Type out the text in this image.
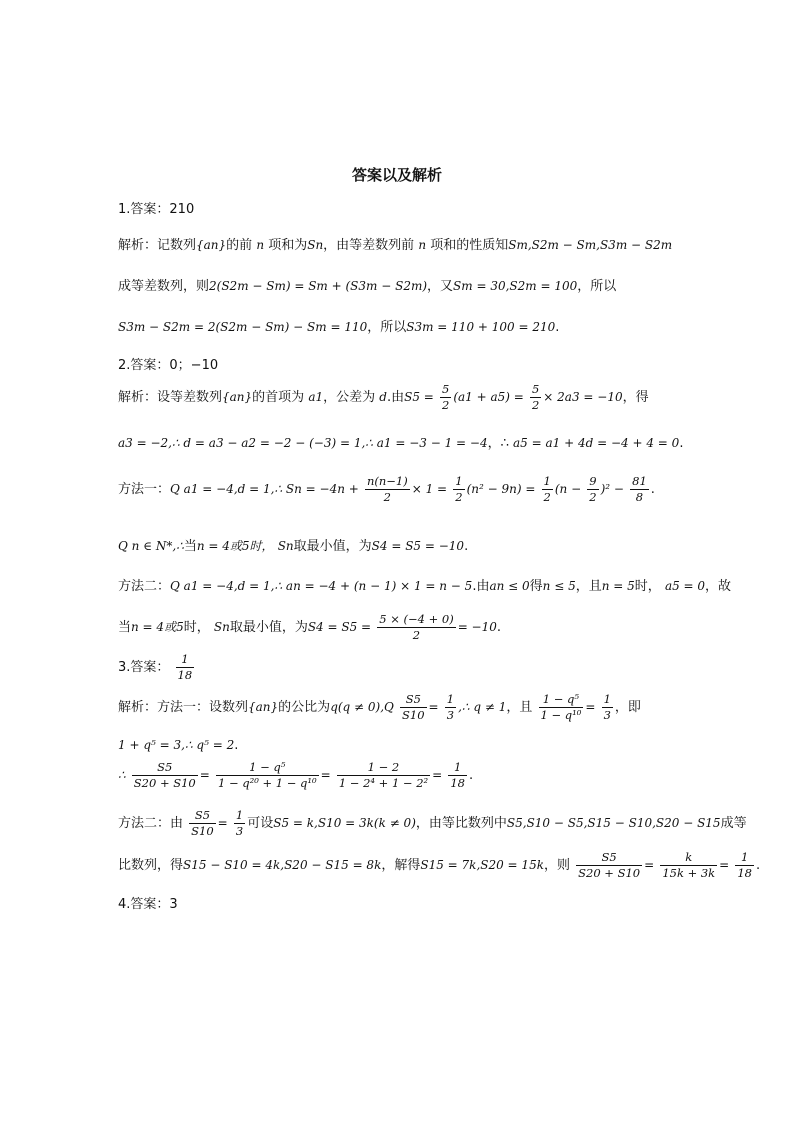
答案以及解析
1.答案：210
解析：记数列{an}的前 n 项和为Sn，由等差数列前 n 项和的性质知Sm,S2m − Sm,S3m − S2m
成等差数列，则2(S2m − Sm) = Sm + (S3m − S2m)，又Sm = 30,S2m = 100，所以
S3m − S2m = 2(S2m − Sm) − Sm = 110，所以S3m = 110 + 100 = 210.
2.答案：0；−10
解析：设等差数列{an}的首项为 a1，公差为 d.由$S5 = \frac{5}{2} (a1 + a5) = \frac{5}{2} \times 2a3 = -10$，得
a3 = −2,∴ d = a3 − a2 = −2 − (−3) = 1,∴ a1 = −3 − 1 = −4，∴ a5 = a1 + 4d = −4 + 4 = 0.
方法一：Q a1 = −4,d = 1,∴ $Sn = -4n + \frac{n(n-1)}{2} \times 1 = \frac{1}{2} (n^2 - 9n) = \frac{1}{2} (n - \frac{9}{2} )^2 - \frac{81}{8}$ .
Q n ∈ N*,∴当n = 4或5时， Sn取最小值，为S4 = S5 = −10.
方法二：Q a1 = −4,d = 1,∴ an = −4 + (n − 1) × 1 = n − 5.由an ≤ 0得n ≤ 5，且n = 5时， a5 = 0，故
当n = 4或5时， Sn取最小值，为$S4 = S5 = \frac{5 \times (-4 + 0)}{2} = -10$.
3.答案： $\frac{1}{18}$
解析：方法一：设数列{an}的公比为$q(q \ne 0),Q \frac{S5}{S10} = \frac{1}{3}$ ,∴ q ≠ 1，且 $\frac{\text{1 − q⁵}}{\text{1 − q¹⁰}} = \frac{1}{3}$ ，即
1 + q⁵ = 3,∴ q⁵ = 2.
∴ $\frac{S5}{S20 + S10} = \frac{\text{1 − q⁵}}{\text{1 − q²⁰ + 1 − q¹⁰}} = \frac{1 - 2}{\text{1 − 2⁴ + 1 − 2²}} = \frac{1}{18}$ .
方法二：由 $\frac{S5}{S10} = \frac{1}{3}$ 可设S5 = k,S10 = 3k(k ≠ 0)，由等比数列中S5,S10 − S5,S15 − S10,S20 − S15成等
比数列，得S15 − S10 = 4k,S20 − S15 = 8k，解得S15 = 7k,S20 = 15k，则 $\frac{S5}{S20 + S10} = \frac{k}{15k + 3k} = \frac{1}{18}$ .
4.答案：3
